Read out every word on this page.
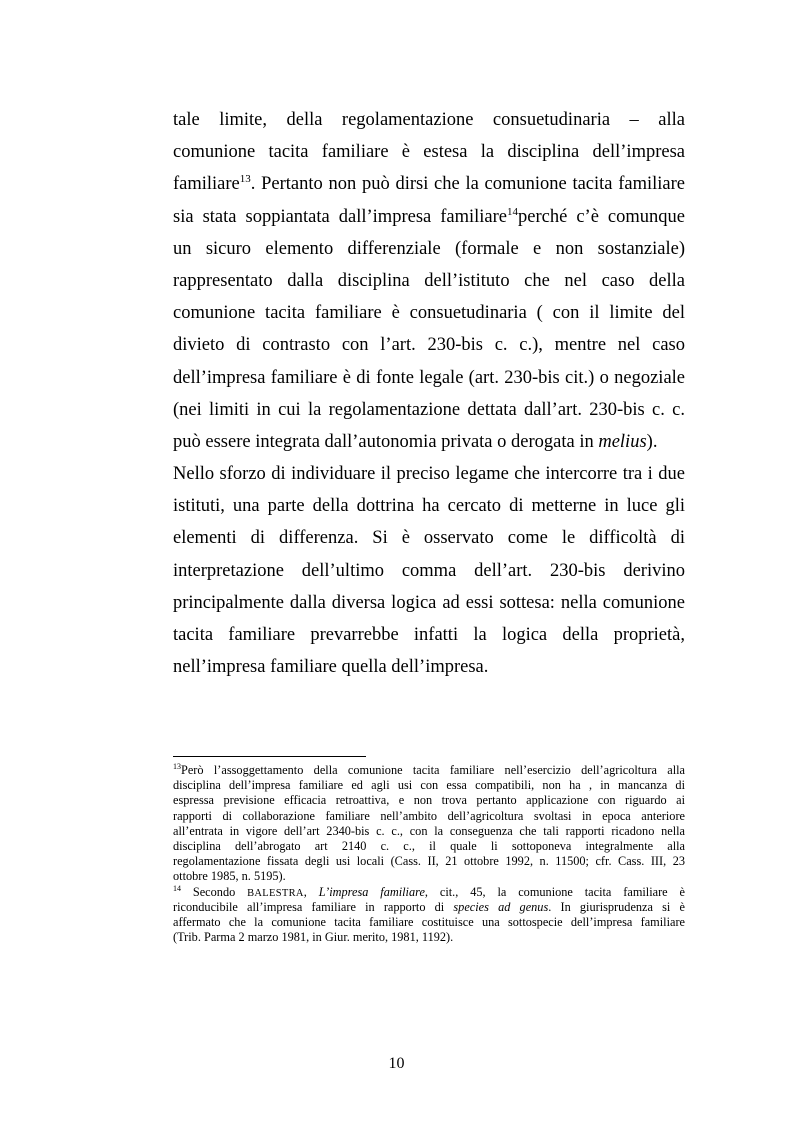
tale limite, della regolamentazione consuetudinaria – alla
comunione tacita familiare è estesa la disciplina dell’impresa
familiare$^{13}$. Pertanto non può dirsi che la comunione tacita familiare
sia stata soppiantata dall’impresa familiare$^{14}$perché c’è comunque
un sicuro elemento differenziale (formale e non sostanziale)
rappresentato dalla disciplina dell’istituto che nel caso della
comunione tacita familiare è consuetudinaria ( con il limite del
divieto di contrasto con l’art. 230-bis c. c.), mentre nel caso
dell’impresa familiare è di fonte legale (art. 230-bis cit.) o negoziale
(nei limiti in cui la regolamentazione dettata dall’art. 230-bis c. c.
può essere integrata dall’autonomia privata o derogata in melius).
Nello sforzo di individuare il preciso legame che intercorre tra i due
istituti, una parte della dottrina ha cercato di metterne in luce gli
elementi di differenza. Si è osservato come le difficoltà di
interpretazione dell’ultimo comma dell’art. 230-bis derivino
principalmente dalla diversa logica ad essi sottesa: nella comunione
tacita familiare prevarrebbe infatti la logica della proprietà,
nell’impresa familiare quella dell’impresa.
$^{13}$Però l’assoggettamento della comunione tacita familiare nell’esercizio dell’agricoltura alla
disciplina dell’impresa familiare ed agli usi con essa compatibili, non ha , in mancanza di
espressa previsione efficacia retroattiva, e non trova pertanto applicazione con riguardo ai
rapporti di collaborazione familiare nell’ambito dell’agricoltura svoltasi in epoca anteriore
all’entrata in vigore dell’art 2340-bis c. c., con la conseguenza che tali rapporti ricadono nella
disciplina dell’abrogato art 2140 c. c., il quale li sottoponeva integralmente alla
regolamentazione fissata degli usi locali (Cass. II, 21 ottobre 1992, n. 11500; cfr. Cass. III, 23
ottobre 1985, n. 5195).
$^{14}$ Secondo BALESTRA, L’impresa familiare, cit., 45, la comunione tacita familiare è
riconducibile all’impresa familiare in rapporto di species ad genus. In giurisprudenza si è
affermato che la comunione tacita familiare costituisce una sottospecie dell’impresa familiare
(Trib. Parma 2 marzo 1981, in Giur. merito, 1981, 1192).
10
